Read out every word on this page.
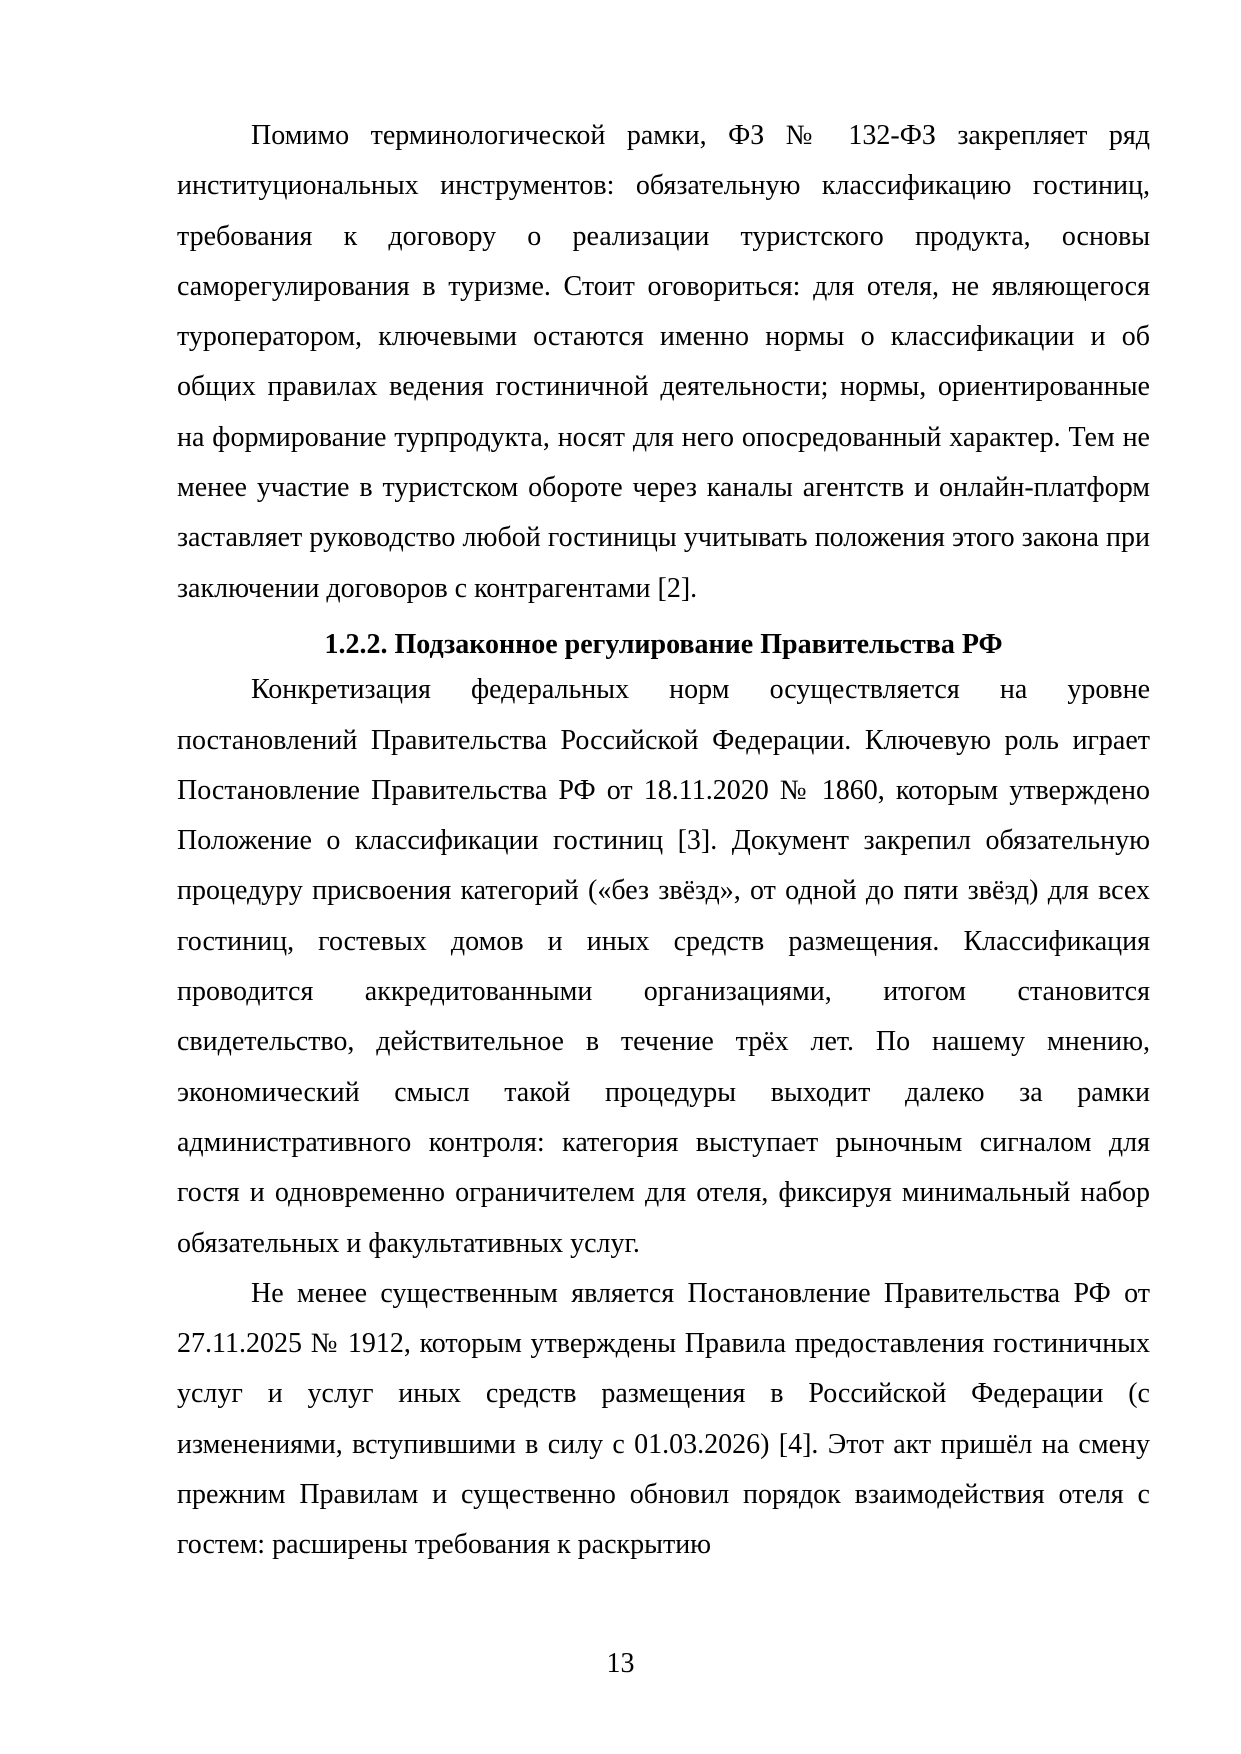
Помимо терминологической рамки, ФЗ № 132-ФЗ закрепляет ряд институциональных инструментов: обязательную классификацию гостиниц, требования к договору о реализации туристского продукта, основы саморегулирования в туризме. Стоит оговориться: для отеля, не являющегося туроператором, ключевыми остаются именно нормы о классификации и об общих правилах ведения гостиничной деятельности; нормы, ориентированные на формирование турпродукта, носят для него опосредованный характер. Тем не менее участие в туристском обороте через каналы агентств и онлайн-платформ заставляет руководство любой гостиницы учитывать положения этого закона при заключении договоров с контрагентами [2].

1.2.2. Подзаконное регулирование Правительства РФ

Конкретизация федеральных норм осуществляется на уровне постановлений Правительства Российской Федерации. Ключевую роль играет Постановление Правительства РФ от 18.11.2020 № 1860, которым утверждено Положение о классификации гостиниц [3]. Документ закрепил обязательную процедуру присвоения категорий («без звёзд», от одной до пяти звёзд) для всех гостиниц, гостевых домов и иных средств размещения. Классификация проводится аккредитованными организациями, итогом становится свидетельство, действительное в течение трёх лет. По нашему мнению, экономический смысл такой процедуры выходит далеко за рамки административного контроля: категория выступает рыночным сигналом для гостя и одновременно ограничителем для отеля, фиксируя минимальный набор обязательных и факультативных услуг.

Не менее существенным является Постановление Правительства РФ от 27.11.2025 № 1912, которым утверждены Правила предоставления гостиничных услуг и услуг иных средств размещения в Российской Федерации (с изменениями, вступившими в силу с 01.03.2026) [4]. Этот акт пришёл на смену прежним Правилам и существенно обновил порядок взаимодействия отеля с гостем: расширены требования к раскрытию

13
